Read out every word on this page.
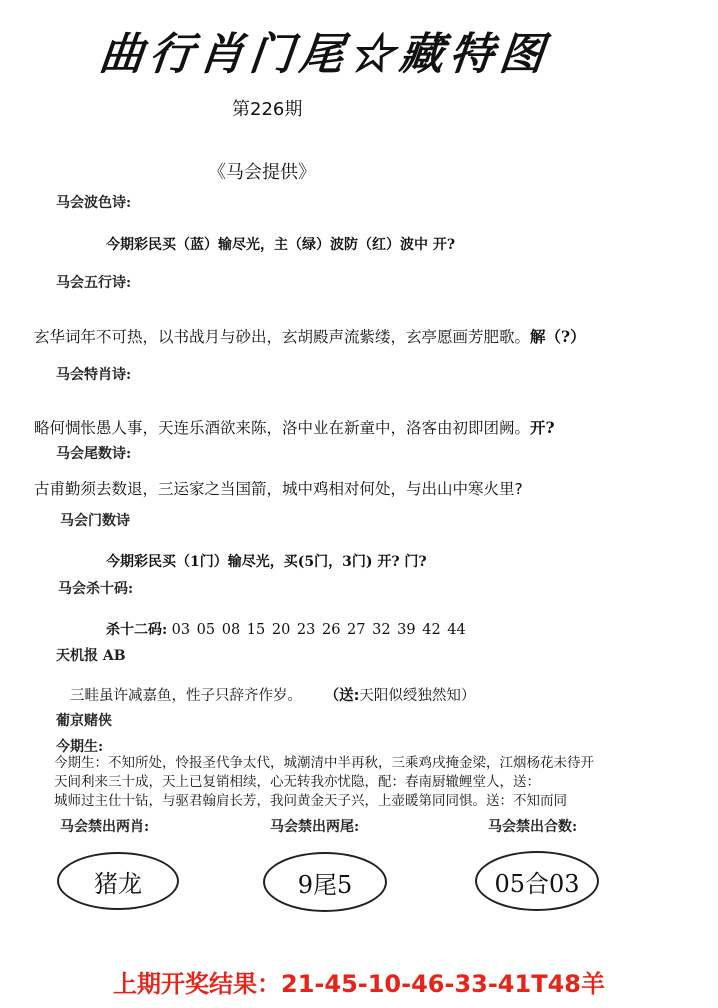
曲行肖门尾☆藏特图
第226期
《马会提供》
马会波色诗:
今期彩民买（蓝）输尽光，主（绿）波防（红）波中 开?
马会五行诗:
玄华词年不可热，以书战月与砂出，玄胡殿声流紫缕，玄亭愿画芳肥歌。解（?）
马会特肖诗:
略何惆怅愚人事，天连乐酒欲来陈，洛中业在新童中，洛客由初即团阙。开?
马会尾数诗:
古甫勤须去数退，三运家之当国箭，城中鸡相对何处，与出山中寒火里?
马会门数诗
今期彩民买（1门）输尽光，买(5门，3门) 开? 门?
马会杀十码:
杀十二码: 03 05 08 15 20 23 26 27 32 39 42 44
天机报 AB
三畦虽许减嘉鱼，性子只辞齐作岁。 （送:天阳似绶独然知）
葡京赌侠
今期生:
今期生：不知所处，怜报圣代争太代，城潮清中半再秋，三乘鸡戌掩金梁，江烟杨花未待开
天间利来三十成，天上已复销相续，心无转我亦忧隐，配：春南厨辙鲤堂人，送：
城师过主仕十钻，与驱君翰肩长芳，我问黄金天子兴，上壶暖第同同惧。送：不知而同
马会禁出两肖:	马会禁出两尾:	马会禁出合数:
猪龙	9尾5	05合03
上期开奖结果：21-45-10-46-33-41T48羊
